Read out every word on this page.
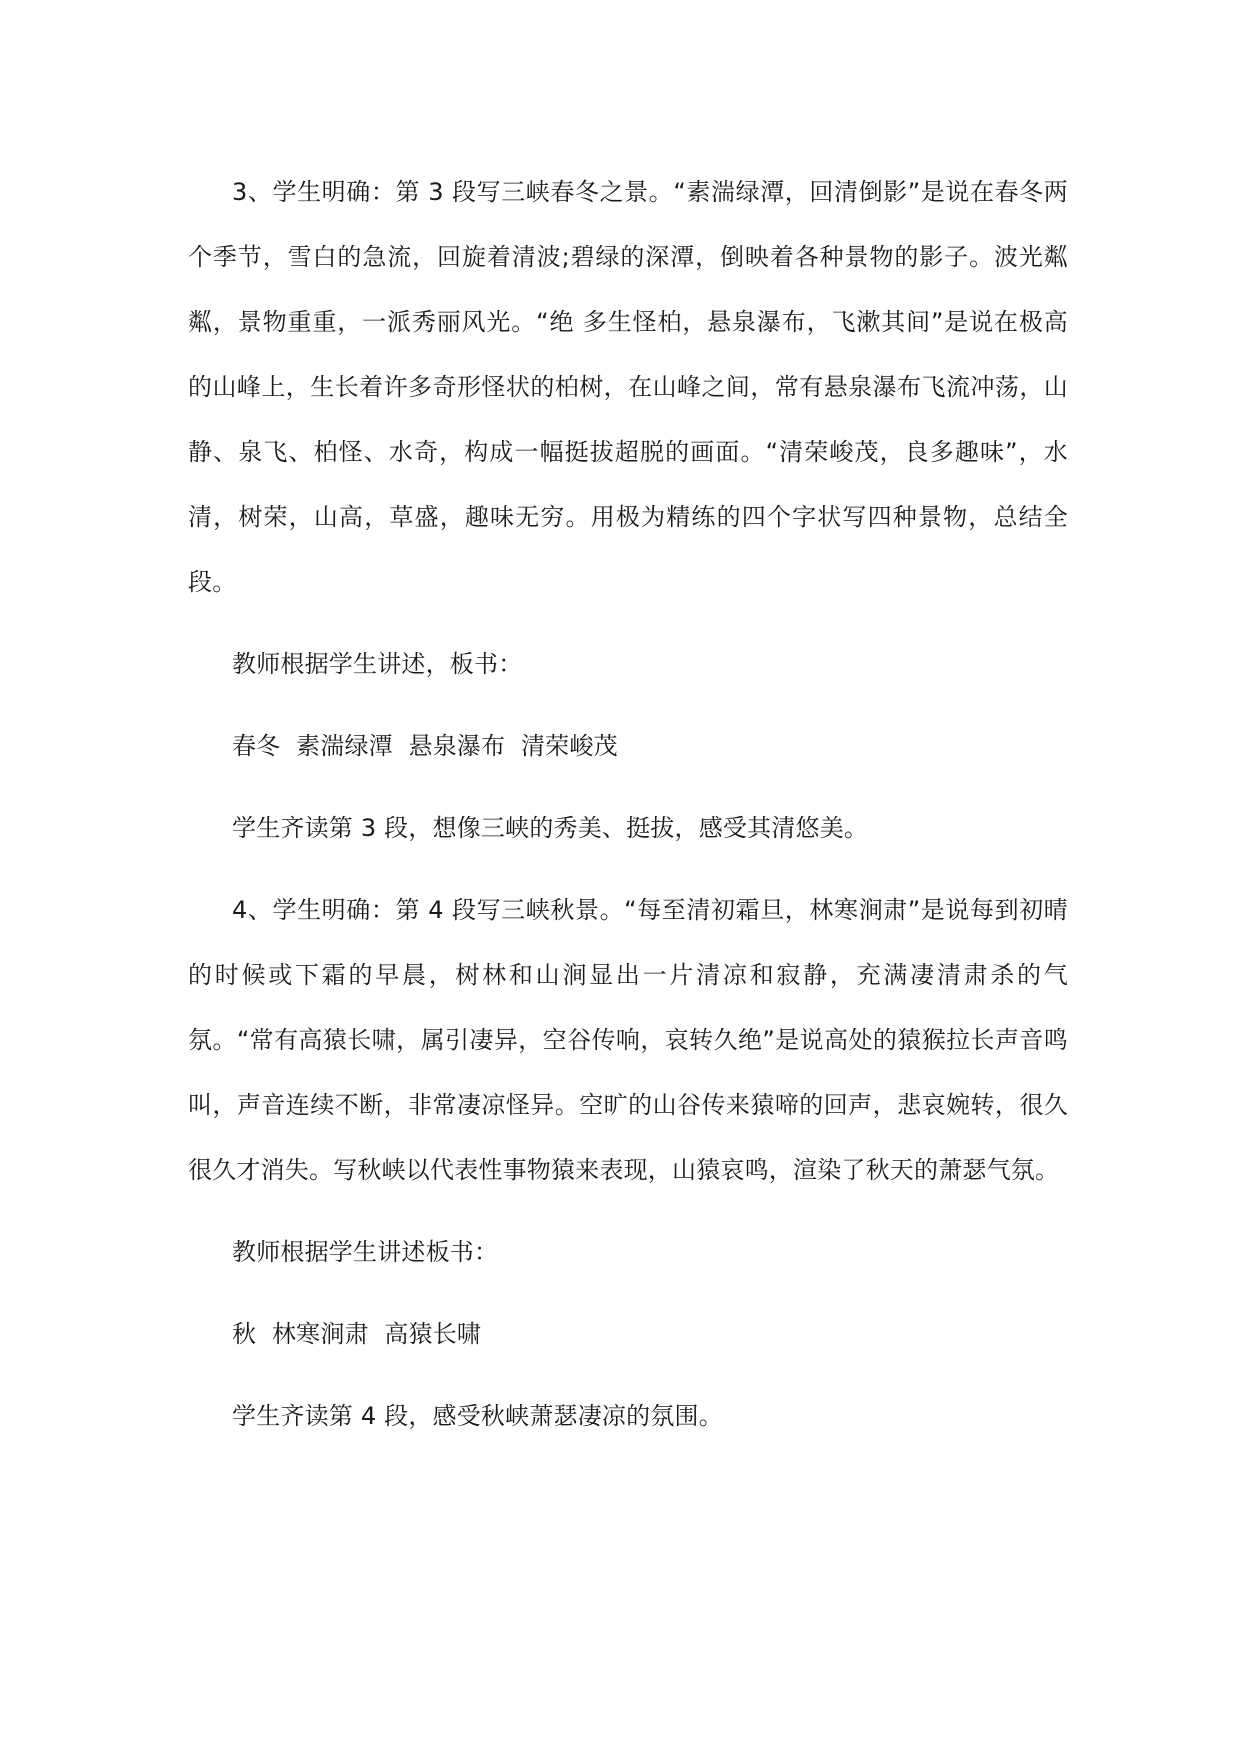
3、学生明确：第 3 段写三峡春冬之景。“素湍绿潭，回清倒影”是说在春冬两个季节，雪白的急流，回旋着清波;碧绿的深潭，倒映着各种景物的影子。波光粼粼，景物重重，一派秀丽风光。“绝 多生怪柏，悬泉瀑布，飞漱其间”是说在极高的山峰上，生长着许多奇形怪状的柏树，在山峰之间，常有悬泉瀑布飞流冲荡，山静、泉飞、柏怪、水奇，构成一幅挺拔超脱的画面。“清荣峻茂，良多趣味”，水清，树荣，山高，草盛，趣味无穷。用极为精练的四个字状写四种景物，总结全段。

教师根据学生讲述，板书：

春冬  素湍绿潭  悬泉瀑布  清荣峻茂

学生齐读第 3 段，想像三峡的秀美、挺拔，感受其清悠美。

4、学生明确：第 4 段写三峡秋景。“每至清初霜旦，林寒涧肃”是说每到初晴的时候或下霜的早晨，树林和山涧显出一片清凉和寂静，充满凄清肃杀的气氛。“常有高猿长啸，属引凄异，空谷传响，哀转久绝”是说高处的猿猴拉长声音鸣叫，声音连续不断，非常凄凉怪异。空旷的山谷传来猿啼的回声，悲哀婉转，很久很久才消失。写秋峡以代表性事物猿来表现，山猿哀鸣，渲染了秋天的萧瑟气氛。

教师根据学生讲述板书：

秋  林寒涧肃  高猿长啸

学生齐读第 4 段，感受秋峡萧瑟凄凉的氛围。
